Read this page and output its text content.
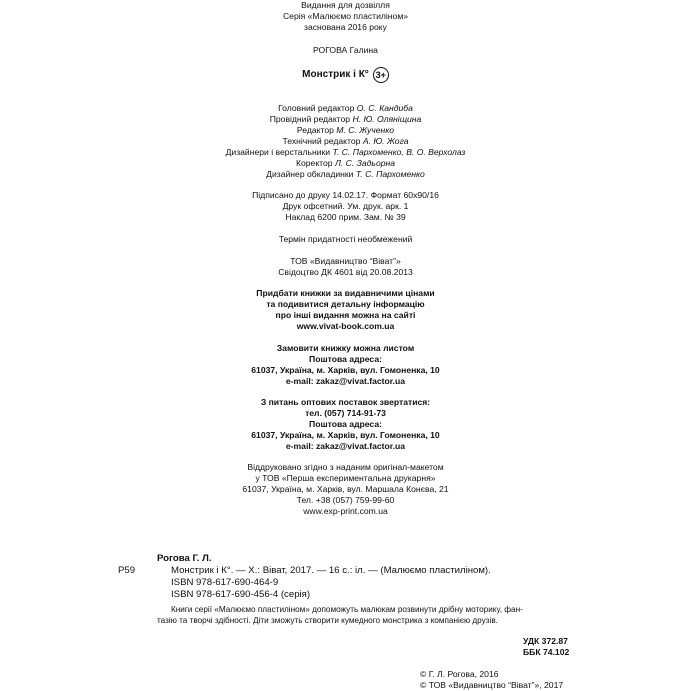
Видання для дозвілля
Серія «Малюємо пластиліном»
заснована 2016 року
РОГОВА Галина
Монстрик і К° 3+
Головний редактор О. С. Кандиба
Провідний редактор Н. Ю. Оляніщина
Редактор М. С. Жученко
Технічний редактор А. Ю. Жога
Дизайнери і верстальники Т. С. Пархоменко, В. О. Верхолаз
Коректор Л. С. Задьорна
Дизайнер обкладинки Т. С. Пархоменко
Підписано до друку 14.02.17. Формат 60х90/16
Друк офсетний. Ум. друк. арк. 1
Наклад 6200 прим. Зам. № 39
Термін придатності необмежений
ТОВ «Видавництво “Віват”»
Свідоцтво ДК 4601 від 20.08.2013
Придбати книжки за видавничими цінами
та подивитися детальну інформацію
про інші видання можна на сайті
www.vivat-book.com.ua
Замовити книжку можна листом
Поштова адреса:
61037, Україна, м. Харків, вул. Гомоненка, 10
e-mail: zakaz@vivat.factor.ua
З питань оптових поставок звертатися:
тел. (057) 714-91-73
Поштова адреса:
61037, Україна, м. Харків, вул. Гомоненка, 10
e-mail: zakaz@vivat.factor.ua
Віддруковано згідно з наданим оригінал-макетом
у ТОВ «Перша експериментальна друкарня»
61037, Україна, м. Харків, вул. Маршала Конєва, 21
Тел. +38 (057) 759-99-60
www.exp-print.com.ua
Рогова Г. Л.
Р59	Монстрик і К°. — Х.: Віват, 2017. — 16 с.: іл. — (Малюємо пластиліном).
ISBN 978-617-690-464-9
ISBN 978-617-690-456-4 (серія)
Книги серії «Малюємо пластиліном» допоможуть малюкам розвинути дрібну моторику, фан-
тазію та творчі здібності. Діти зможуть створити кумедного монстрика з компанією друзів.
УДК 372.87
ББК 74.102
© Г. Л. Рогова, 2016
© ТОВ «Видавництво “Віват”», 2017
